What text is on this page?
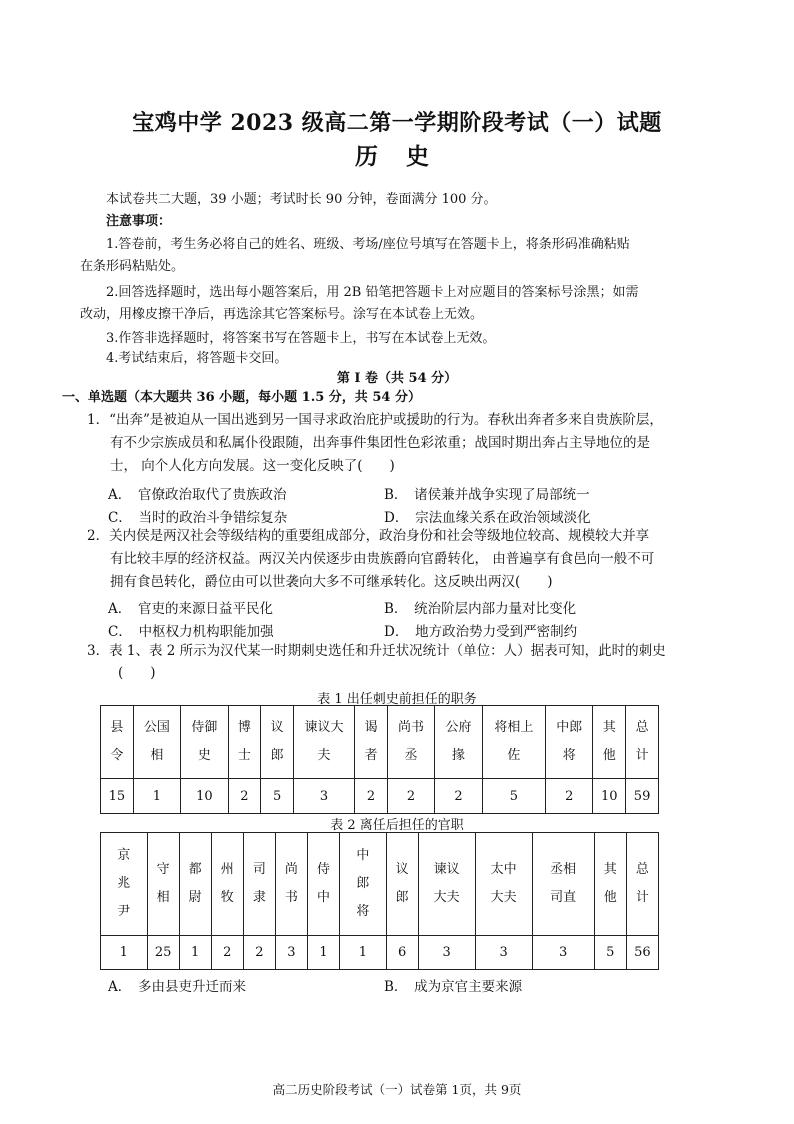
宝鸡中学 2023 级高二第一学期阶段考试（一）试题
历 史
本试卷共二大题，39 小题；考试时长 90 分钟，卷面满分 100 分。
注意事项：
1.答卷前，考生务必将自己的姓名、班级、考场/座位号填写在答题卡上，将条形码准确粘贴
在条形码粘贴处。
2.回答选择题时，选出每小题答案后，用 2B 铅笔把答题卡上对应题目的答案标号涂黑；如需
改动，用橡皮擦干净后，再选涂其它答案标号。涂写在本试卷上无效。
3.作答非选择题时，将答案书写在答题卡上，书写在本试卷上无效。
4.考试结束后，将答题卡交回。
第 I 卷（共 54 分）
一、单选题（本大题共 36 小题，每小题 1.5 分，共 54 分）
1．“出奔”是被迫从一国出逃到另一国寻求政治庇护或援助的行为。春秋出奔者多来自贵族阶层，
有不少宗族成员和私属仆役跟随，出奔事件集团性色彩浓重；战国时期出奔占主导地位的是
士， 向个人化方向发展。这一变化反映了(　　)
A．　官僚政治取代了贵族政治	B．　诸侯兼并战争实现了局部统一
C．　当时的政治斗争错综复杂	D．　宗法血缘关系在政治领域淡化
2．关内侯是两汉社会等级结构的重要组成部分，政治身份和社会等级地位较高、规模较大并享
有比较丰厚的经济权益。两汉关内侯逐步由贵族爵向官爵转化， 由普遍享有食邑向一般不可
拥有食邑转化，爵位由可以世袭向大多不可继承转化。这反映出两汉(　　)
A．　官吏的来源日益平民化	B．　统治阶层内部力量对比变化
C．　中枢权力机构职能加强	D．　地方政治势力受到严密制约
3．表 1、表 2 所示为汉代某一时期刺史选任和升迁状况统计（单位：人）据表可知，此时的刺史
(　　)
表 1 出任刺史前担任的职务
县令	公国相	侍御史	博士	议郎	谏议大夫	谒者	尚书丞	公府掾	将相上佐	中郎将	其他	总计
15	1	10	2	5	3	2	2	2	5	2	10	59
表 2 离任后担任的官职
京兆尹	守相	都尉	州牧	司隶	尚书	侍中	中郎将	议郎	谏议大夫	太中大夫	丞相司直	其他	总计
1	25	1	2	2	3	1	1	6	3	3	3	5	56
A．　多由县吏升迁而来	B．　成为京官主要来源
高二历史阶段考试（一）试卷第 1页，共 9页
